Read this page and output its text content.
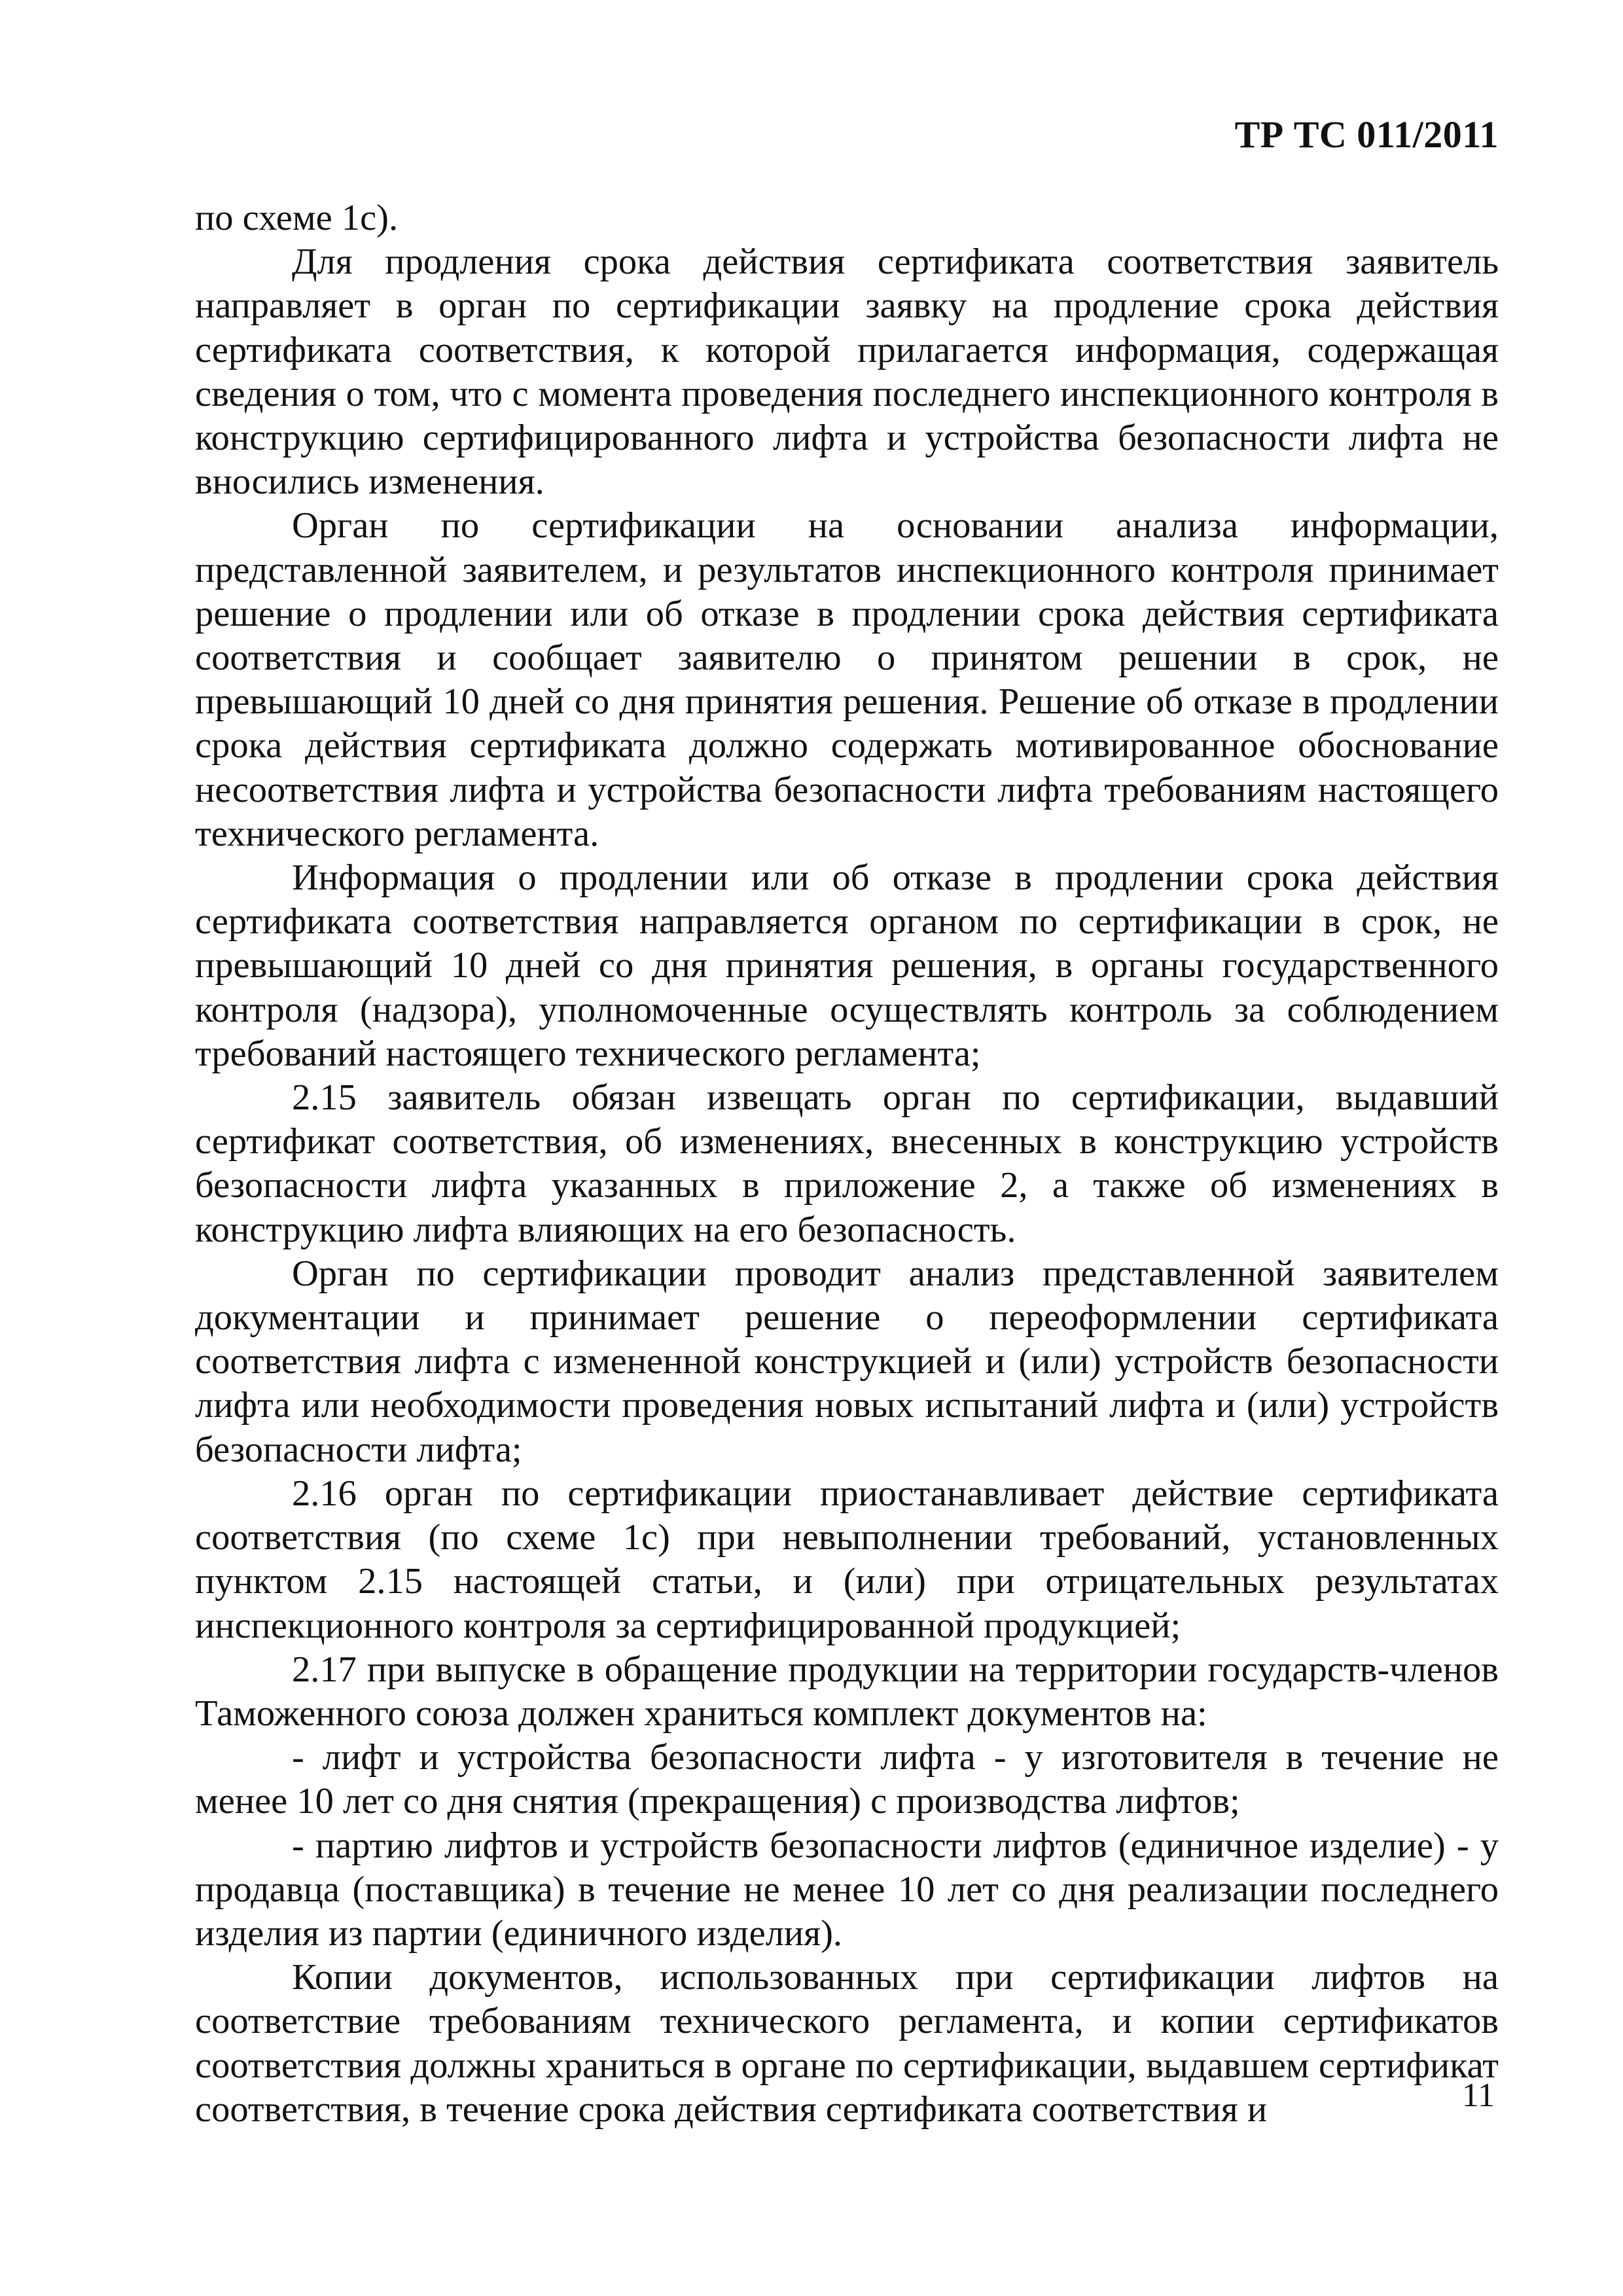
ТР ТС 011/2011

по схеме 1с).

Для продления срока действия сертификата соответствия заявитель направляет в орган по сертификации заявку на продление срока действия сертификата соответствия, к которой прилагается информация, содержащая сведения о том, что с момента проведения последнего инспекционного контроля в конструкцию сертифицированного лифта и устройства безопасности лифта не вносились изменения.

Орган по сертификации на основании анализа информации, представленной заявителем, и результатов инспекционного контроля принимает решение о продлении или об отказе в продлении срока действия сертификата соответствия и сообщает заявителю о принятом решении в срок, не превышающий 10 дней со дня принятия решения. Решение об отказе в продлении срока действия сертификата должно содержать мотивированное обоснование несоответствия лифта и устройства безопасности лифта требованиям настоящего технического регламента.

Информация о продлении или об отказе в продлении срока действия сертификата соответствия направляется органом по сертификации в срок, не превышающий 10 дней со дня принятия решения, в органы государственного контроля (надзора), уполномоченные осуществлять контроль за соблюдением требований настоящего технического регламента;

2.15 заявитель обязан извещать орган по сертификации, выдавший сертификат соответствия, об изменениях, внесенных в конструкцию устройств безопасности лифта указанных в приложение 2, а также об изменениях в конструкцию лифта влияющих на его безопасность.

Орган по сертификации проводит анализ представленной заявителем документации и принимает решение о переоформлении сертификата соответствия лифта с измененной конструкцией и (или) устройств безопасности лифта или необходимости проведения новых испытаний лифта и (или) устройств безопасности лифта;

2.16 орган по сертификации приостанавливает действие сертификата соответствия (по схеме 1с) при невыполнении требований, установленных пунктом 2.15 настоящей статьи, и (или) при отрицательных результатах инспекционного контроля за сертифицированной продукцией;

2.17 при выпуске в обращение продукции на территории государств-членов Таможенного союза должен храниться комплект документов на:

- лифт и устройства безопасности лифта - у изготовителя в течение не менее 10 лет со дня снятия (прекращения) с производства лифтов;

- партию лифтов и устройств безопасности лифтов (единичное изделие) - у продавца (поставщика) в течение не менее 10 лет со дня реализации последнего изделия из партии (единичного изделия).

Копии документов, использованных при сертификации лифтов на соответствие требованиям технического регламента, и копии сертификатов соответствия должны храниться в органе по сертификации, выдавшем сертификат соответствия, в течение срока действия сертификата соответствия и	11
